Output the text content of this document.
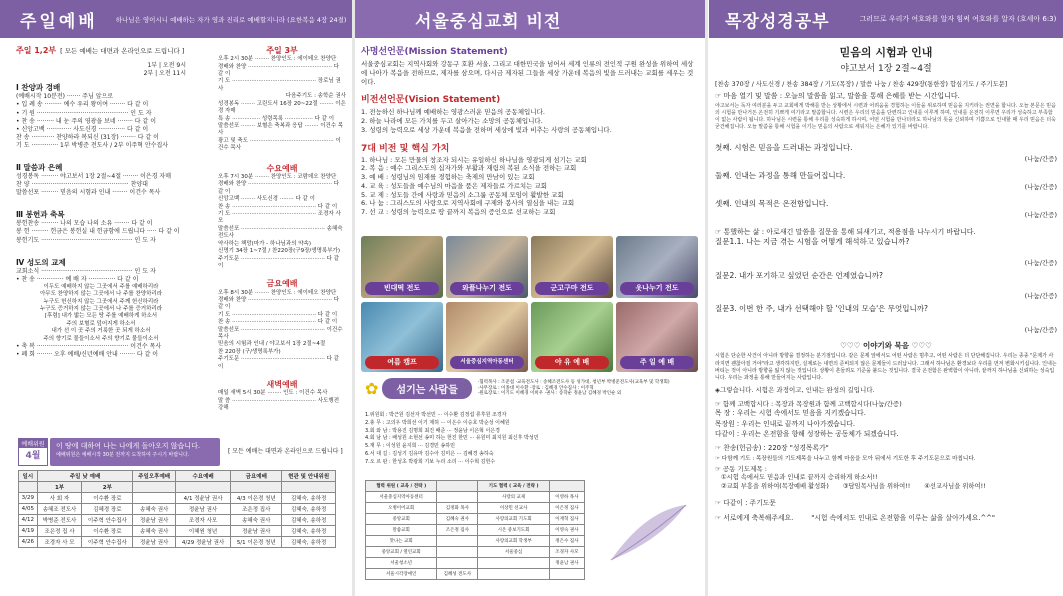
주일예배	하나님은 영이시니 예배하는 자가 영과 진리로 예배할지니라 (요한복음 4장 24절)
주일 1,2부 [ 모든 예배는 대면과 온라인으로 드립니다 ]
1부 | 오전 9시
2부 | 오전 11시
Ⅰ 찬양과 경배
(예배시작 10분전) ······· 주님 앞으로
• 입 례 송 ········· 예수 우리 왕이여 ········ 다 같 이
• 기 원 ················································ 인 도 자
• 찬 송 ········· 내 눈 주의 영광을 보네 ········ 다 같 이
• 신앙고백 ············· 사도신경 ·············· 다 같 이
찬 송 ············ 찬양하라 복되신 (31장) ········ 다 같 이
기 도 ·············· 1부 박병준 전도사 / 2부 이주혁 안수집사
Ⅱ 말씀과 은혜
성경봉독 ········· 야고보서 1장 2절~4절 ········ 이은경 자매
찬 양 ··················································· 찬양대
말씀선포 ········· 믿음의 시험과 인내 ········ 이건수 목사
Ⅲ 봉헌과 축복
봉헌찬송 ········· 나의 모습 나의 소유 ········ 다 같 이
봉 헌 ········· 헌금은 봉헌실 내 헌금함에 드립니다 ····· 다 같 이
봉헌기도 ················································ 인 도 자
Ⅳ 성도의 교제
교회소식 ················································ 인 도 자
• 찬 송 ·············· 예 배 자 ·············· 다 같 이
이두도 예배하지 않는 그곳에서 주를 예배하리라
아무도 찬양하지 않는 그곳에서 나 주를 찬양하리라
누구도 헌신하지 않는 그곳에서 주께 헌신하리라
누구도 증거하지 않는 그곳에서 나 주를 증거하리라
[후렴] 내가 밟는 모든 땅 주를 예배하게 하소서
주의 보혈로 덮어지게 하소서
내가 선 이 곳 주의 거룩한 곳 되게 하소서
주의 향기로 물들이소서 주의 향기로 물들이소서
• 축 복 ················································ 이건수 목사
• 폐 회 ········ 오후 예배/신년예배 안내 ········ 다 같 이
주일 3부
오후 2시 30분 ········ 찬양인도 : 에이테오 찬양단
경배와 찬양 ················································ 다 같 이
기 도 ················································ 장로님 권사
다음주기도 : 송학순 권사
성경봉독 ········ 고린도서 16장 20~22절 ········ 이은경 자매
특 송 ················ 성령목록 ················ 다 같 이
말씀선포 ········ 보혈은 축복과 응답 ········ 이건수 목사
광고 및 축도 ················································ 이건수 목사
수요예배
오후 7시 30분 ········ 찬양인도 : 코람데오 찬양단
경배와 찬양 ················································ 다 같 이
신앙고백 ········ 사도신경 ········ 다 같 이
찬 송 ················································ 다 같 이
기 도 ················································ 조경자 사모
말씀선포 ················································ 송혜숙 전도사
약사하는 책망(마가 - 하나님과의 약속)
신명기 34장 1~7절 / 찬220장(구9장/생명록부가)
주기도문 ················································ 다 같 이
금요예배
오후 8시 30분 ········ 찬양인도 : 에이테오 찬양단
경배와 찬양 ················································ 다 같 이
기 도 ················································ 다 같 이
찬 송 ················································ 다 같 이
말씀선포 ················································ 이건수 목사
믿음의 시험과 인내 / 야고보서 1장 2절~4절
찬 220장 (구/생명록부가)
주기도문 ················································ 다 같 이
새벽예배
매일 새벽 5시 30분 ········ 인도 : 이건수 목사
말 씀 ················································ 사도행전 강해
예배위원
4월
이 땅에 대하여 나는 나에게 돌아오지 않습니다.
예배위원은 예배시작 30분 전까지 도착하여 주시기 바랍니다.	[ 모든 예배는 대면과 온라인으로 드립니다 ]
일시	주일 낮 예배		주일오후예배	수요예배	금요예배	현관 및 안내위원
	1부	2부				
3/29	사 회 자	이수환 장로		4/1 정윤남 권사	4/3 이은경 청년	김혜숙, 송하정
4/05	송혜조 전도사	김혜경 장로	송혜숙 권사	정윤남 권사	조은정 집사	김혜숙, 송하정
4/12	박병준 전도사	이주혁 안수집사	정윤남 권사	조경자 사모	송혜숙 권사	김혜숙, 송하정
4/19	조은정 집 사	이수환 장로	송혜숙 권사	이혜원 청년	정윤남 권사	김혜숙, 송하정
4/26	조경자 사 모	이주혁 안수집사	정윤남 권사	4/29 정윤남 권사	5/1 이은경 청년	김혜숙, 송하정
서울중심교회 비전
사명선언문(Mission Statement)
서울중심교회는 지역사회와 강동구 호환 서울, 그리고 대한민국을 넘어서 세계 인류의 전인적 구원 완성을 위하여 세상에 나아가 복음을 전하므로, 제자를 삼으며, 다시금 제자된 그들을 세상 가운데 복음의 빛을 드러내는 교회를 세우는 것이다.
비전선언문(Vision Statement)
1. 전능하신 하나님께 예배하는 영광스러운 믿음의 공동체입니다.
2. 하늘 나라에 모든 가치를 두고 살아가는 소망의 공동체입니다.
3. 성령의 능력으로 세상 가운데 복음을 전하며 세상에 빛과 비추는 사랑의 공동체입니다.
7대 비전 및 핵심 가치
1. 하나님 : 모든 만물의 창조자 되시는 유일하신 하나님을 영광되게 섬기는 교회
2. 복 음 : 예수 그리스도의 십자가와 부활과 재림의 복된 소식을 전하는 교회
3. 예 배 : 성령님의 임재를 경험하는 축제의 만남이 있는 교회
4. 교 육 : 성도들을 예수님의 마음을 품은 제자들로 가르치는 교회
5. 교 제 : 성도들 간에 사랑과 믿음의 소그룹 공동체 모임이 활발한 교회
6. 나 눔 : 그리스도의 사랑으로 지역사회에 구제와 봉사의 열심을 내는 교회
7. 선 교 : 성령의 능력으로 땅 끝까지 복음의 증인으로 선교하는 교회
빈대떡 전도	와플나누기 전도	군고구마 전도	옷나누기 전도
여름 캠프	서울중심지역아동센터	야 유 예 배	주 일 예 배
✿	섬기는 사람들
·협력목사 : 조준섭 ·교육전도사 : 송혜조전도사 등 성가대, 청년부 박병준전도사(교육부 및 학생회)
·사무장로 : 이종대 이수환 ·장로 : 김혜경 안수집사 : 이주혁
·원로장로 : 이기도 이혜경 이희우 ·권사 : 송학순 정윤남 김혜경 박인순 외
1.위원회 : 박근원 김선자 박선민 ··· 이수환 김정섭 류후원 조경자
2.총 무 : 고의우 박희선 이기 제허 ··· 이은수 이승호 박순성 이혜원
3.회 와 남 : 박용진 김명희 최진 배준 ··· 정윤남 이은혁 이은경
4.회 남 남 : 배성원 소현선 송미 하는 헌진 한민 ··· 유원미 최지원 최신후 박성민
5.재 무 : 이성원 윤지희 ··· 김경민 송하민
6.서 대 길 : 김성기 김유마 김수아 김미은 ··· 김혜경 송하숙
7.오 르 판 : 한성초 박광희 기보 누리 소리 ··· 이수혁 김헌수
협력 위원 ( 교육 / 전략 )		기도 협력 ( 교육 / 전략 )	
서울중심지역아동센터		사랑의 교제	이영하 목사
오병이어교회	김정화 목사	이상민 선교사	이은정 집사
중앙교회	김혜숙 권사	사랑의교회 기도회	이재혁 집사
말씀교회	조은정 집사	시온 중보기도회	이영숙 권사
맛나는 교회		사랑의교회 학생부	정은수 집사
중앙교회 / 열린교회		서울중심	조경자 사모
서울청소년			정윤남 권사
서울시각장애인	김혜성 전도사		
목장성경공부	그러므로 우리가 여호와를 알자 힘써 여호와를 알자 (호세아 6:3)
믿음의 시험과 인내
야고보서 1장 2절~4절
[찬송 370장 / 사도신경 / 찬송 384장 / 기도(목장) / 말씀 나눔 / 찬송 429장(통한장) 합심기도 / 주기도문]
☞ 마음 열기 및 말씀 : 오늘의 말씀을 읽고, 말씀을 통해 은혜를 받는 시간입니다.
야고보서는 독자 여러분을 두고 교회에게 박해를 받는 상황에서 시련과 어려움을 경험하는 이들을 위로하며 믿음을 지키라는 권면을 합니다. 오늘 본문은 믿음의 시험을 만나거든 온전히 기쁘게 여기라고 말씀합니다. 시련은 우리의 믿음을 단련하고 인내를 이루게 하며, 인내를 온전히 이루면 우리가 성숙하고 부족함이 없는 사람이 됩니다. 하나님은 시련을 통해 우리를 성숙하게 하시며, 어떤 시험을 만나더라도 하나님의 뜻을 신뢰하며 기쁨으로 인내할 때 우리 믿음은 더욱 굳건해집니다. 오늘 말씀을 통해 시험을 이기는 믿음의 사람으로 세워지는 은혜가 있기를 바랍니다.
첫째. 시험은 믿음을 드러내는 과정입니다.
(나눔/간증)
둘째. 인내는 과정을 통해 만들어집니다.
(나눔/간증)
셋째. 인내의 목적은 온전함입니다.
(나눔/간증)
☞ 통했하는 삶 : 아로새긴 말씀을 질문을 통해 되새기고, 적용점을 나누시기 바랍니다.
질문1.1. 나는 지금 겪는 시험을 어떻게 해석하고 있습니까?
(나눔/간증)
질문2. 내가 포기하고 싶었던 순간은 언제였습니까?
(나눔/간증)
질문3. 이번 한 주, 내가 선택해야 할 '인내의 모습'은 무엇입니까?
(나눔/간증)
♡♡♡ 이야기와 묵음 ♡♡♡
시험은 단순한 사건이 아니라 방향을 결정하는 분기점입니다. 같은 문제 앞에서도 어떤 사람은 멈추고, 어떤 사람은 더 단단해집니다. 우리는 종종 "문제가 사라지면 괜찮아질 거야"라고 생각하지만, 실제로는 내면의 준비되지 않은 문제들이 드러납니다. 그래서 하나님은 환경보다 우리를 먼저 변화시키십니다. 인내는 버티는 것이 아니라 방향을 잃지 않는 것입니다. 상황이 흔들려도 기준을 붙드는 것입니다. 결국 온전함은 완벽함이 아니라, 끝까지 하나님을 신뢰하는 성숙입니다. 우리는 과정을 통해 만들어지는 사람입니다.
◈그렇습니다. 시험은 과정이고, 인내는 완성의 길입니다.
☞ 함께 고백합시다 : 목장과 목장원과 함께 고백합시다(나눔/간증)
목 장 : 우리는 시험 속에서도 믿음을 지키겠습니다.
목장원 : 우리는 인내로 끝까지 나아가겠습니다.
다같이 : 우리는 온전함을 향해 성장하는 공동체가 되겠습니다.
☞ 찬송(헌금송) : 220장 "성경목록가"
☞ 다함께 기도 : 목장원들의 기도제목을 나누고 함께 마음을 모아 뒤에서 기도한 후 주기도문으로 마칩니다.
☞ 공동 기도제목 :
①시험 속에서도 믿음과 인내로 끝까지 승리하게 하소서!!
②교회 부흥을 위하여(목장예배 활성화) ③담임목사님을 위하여!! ④선교사님을 위하여!!
☞ 다같이 : 주기도문
☞ 서로에게 축복해주세요.	"시험 속에서도 인내로 온전함을 이루는 삶을 살아가세요.^^"
